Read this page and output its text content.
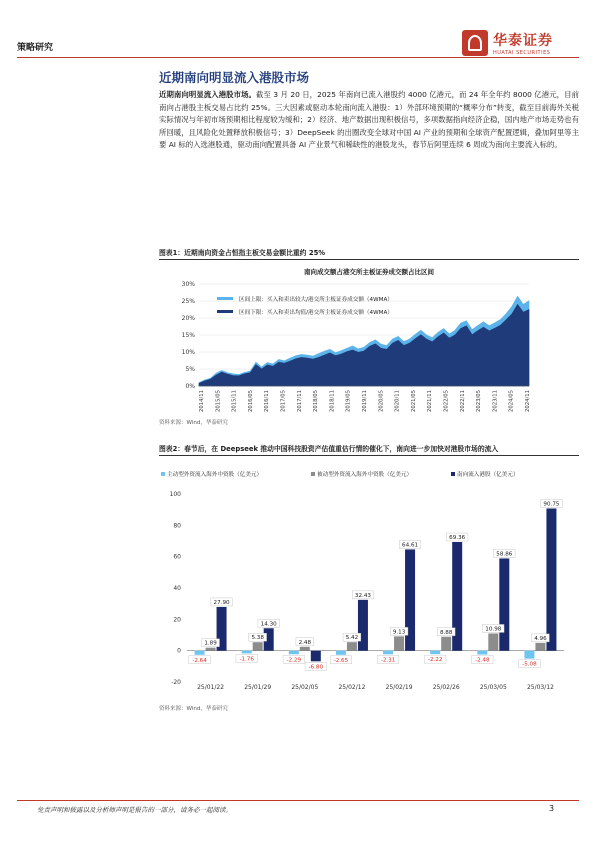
策略研究	华泰证券
HUATAI SECURITIES
近期南向明显流入港股市场
近期南向明显流入港股市场。截至 3 月 20 日，2025 年南向已流入港股约 4000 亿港元，而 24 年全年约 8000 亿港元，目前南向占港股主板交易占比约 25%。三大因素或驱动本轮南向流入港股：1）外部环境预期的“概率分布”转变，截至目前海外关税实际情况与年初市场预期相比程度较为缓和；2）经济、地产数据出现积极信号，多项数据指向经济企稳，国内地产市场走势也有所回暖，且风险化处置释放积极信号；3）DeepSeek 的出圈改变全球对中国 AI 产业的预期和全球资产配置逻辑，叠加阿里等主要 AI 标的入选港股通，驱动南向配置具备 AI 产业景气和稀缺性的港股龙头，春节后阿里连续 6 周成为南向主要流入标的。
图表1：近期南向资金占恒指主板交易金额比重约 25%
南向成交额占港交所主板证券成交额占比区间
区间上限：买入和卖出较大/港交所主板证券成交额（4WMA）
区间下限：买入和卖出均值/港交所主板证券成交额（4WMA）
0%
5%
10%
15%
20%
25%
30%
2014/11 2015/05 2015/11 2016/05 2016/11 2017/05 2017/11 2018/05 2018/11 2019/05 2019/11 2020/05 2020/11 2021/05 2021/11 2022/05 2022/11 2023/05 2023/11 2024/05 2024/11
资料来源：Wind，华泰研究
图表2：春节后，在 Deepseek 推动中国科技股资产估值重估行情的催化下，南向进一步加快对港股市场的流入
主动型外资流入海外中资股（亿美元）	被动型外资流入海外中资股（亿美元）	南向流入港股（亿美元）
-20
0
20
40
60
80
100
25/01/22	25/01/29	25/02/05	25/02/12	25/02/19	25/02/26	25/03/05	25/03/12
-2.64
1.89
27.90
-1.76
5.38
14.30
-2.29
2.48
-6.80
-2.65
5.42
32.43
-2.31
9.13
64.61
-2.22
8.88
69.36
-2.48
10.98
58.86
-5.08
4.96
90.75
资料来源：Wind，华泰研究
免责声明和披露以及分析师声明是报告的一部分，请务必一起阅读。	3
